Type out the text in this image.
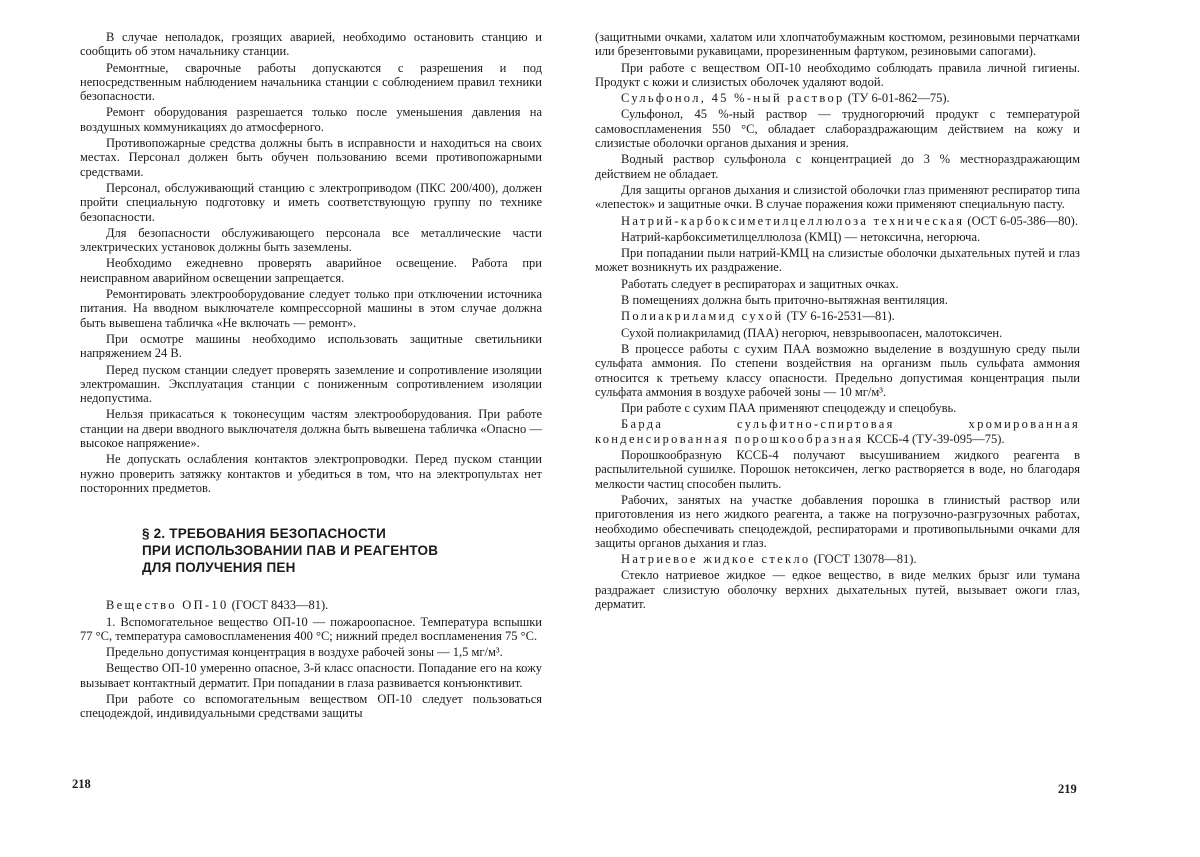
В случае неполадок, грозящих аварией, необходимо остановить станцию и сообщить об этом начальнику станции.

Ремонтные, сварочные работы допускаются с разрешения и под непосредственным наблюдением начальника станции с соблюдением правил техники безопасности.

Ремонт оборудования разрешается только после уменьшения давления на воздушных коммуникациях до атмосферного.

Противопожарные средства должны быть в исправности и находиться на своих местах. Персонал должен быть обучен пользованию всеми противопожарными средствами.

Персонал, обслуживающий станцию с электроприводом (ПКС 200/400), должен пройти специальную подготовку и иметь соответствующую группу по технике безопасности.

Для безопасности обслуживающего персонала все металлические части электрических установок должны быть заземлены.

Необходимо ежедневно проверять аварийное освещение. Работа при неисправном аварийном освещении запрещается.

Ремонтировать электрооборудование следует только при отключении источника питания. На вводном выключателе компрессорной машины в этом случае должна быть вывешена табличка «Не включать — ремонт».

При осмотре машины необходимо использовать защитные светильники напряжением 24 В.

Перед пуском станции следует проверять заземление и сопротивление изоляции электромашин. Эксплуатация станции с пониженным сопротивлением изоляции недопустима.

Нельзя прикасаться к токонесущим частям электрооборудования. При работе станции на двери вводного выключателя должна быть вывешена табличка «Опасно — высокое напряжение».

Не допускать ослабления контактов электропроводки. Перед пуском станции нужно проверить затяжку контактов и убедиться в том, что на электропультах нет посторонних предметов.

§ 2. ТРЕБОВАНИЯ БЕЗОПАСНОСТИ
ПРИ ИСПОЛЬЗОВАНИИ ПАВ И РЕАГЕНТОВ
ДЛЯ ПОЛУЧЕНИЯ ПЕН

Вещество ОП-10 (ГОСТ 8433—81).

1. Вспомогательное вещество ОП-10 — пожароопасное. Температура вспышки 77 °С, температура самовоспламенения 400 °С; нижний предел воспламенения 75 °С.

Предельно допустимая концентрация в воздухе рабочей зоны — 1,5 мг/м³.

Вещество ОП-10 умеренно опасное, 3-й класс опасности. Попадание его на кожу вызывает контактный дерматит. При попадании в глаза развивается конъюнктивит.

При работе со вспомогательным веществом ОП-10 следует пользоваться спецодеждой, индивидуальными средствами защиты

218

(защитными очками, халатом или хлопчатобумажным костюмом, резиновыми перчатками или брезентовыми рукавицами, прорезиненным фартуком, резиновыми сапогами).

При работе с веществом ОП-10 необходимо соблюдать правила личной гигиены. Продукт с кожи и слизистых оболочек удаляют водой.

Сульфонол, 45 %-ный раствор (ТУ 6-01-862—75).

Сульфонол, 45 %-ный раствор — трудногорючий продукт с температурой самовоспламенения 550 °С, обладает слабораздражающим действием на кожу и слизистые оболочки органов дыхания и зрения.

Водный раствор сульфонола с концентрацией до 3 % местнораздражающим действием не обладает.

Для защиты органов дыхания и слизистой оболочки глаз применяют респиратор типа «лепесток» и защитные очки. В случае поражения кожи применяют специальную пасту.

Натрий-карбоксиметилцеллюлоза техническая (ОСТ 6-05-386—80).

Натрий-карбоксиметилцеллюлоза (КМЦ) — нетоксична, негорюча.

При попадании пыли натрий-КМЦ на слизистые оболочки дыхательных путей и глаз может возникнуть их раздражение.

Работать следует в респираторах и защитных очках.

В помещениях должна быть приточно-вытяжная вентиляция.

Полиакриламид сухой (ТУ 6-16-2531—81).

Сухой полиакриламид (ПАА) негорюч, невзрывоопасен, малотоксичен.

В процессе работы с сухим ПАА возможно выделение в воздушную среду пыли сульфата аммония. По степени воздействия на организм пыль сульфата аммония относится к третьему классу опасности. Предельно допустимая концентрация пыли сульфата аммония в воздухе рабочей зоны — 10 мг/м³.

При работе с сухим ПАА применяют спецодежду и спецобувь.

Барда сульфитно-спиртовая хромированная конденсированная порошкообразная КССБ-4 (ТУ-39-095—75).

Порошкообразную КССБ-4 получают высушиванием жидкого реагента в распылительной сушилке. Порошок нетоксичен, легко растворяется в воде, но благодаря мелкости частиц способен пылить.

Рабочих, занятых на участке добавления порошка в глинистый раствор или приготовления из него жидкого реагента, а также на погрузочно-разгрузочных работах, необходимо обеспечивать спецодеждой, респираторами и противопыльными очками для защиты органов дыхания и глаз.

Натриевое жидкое стекло (ГОСТ 13078—81).

Стекло натриевое жидкое — едкое вещество, в виде мелких брызг или тумана раздражает слизистую оболочку верхних дыхательных путей, вызывает ожоги глаз, дерматит.

219
